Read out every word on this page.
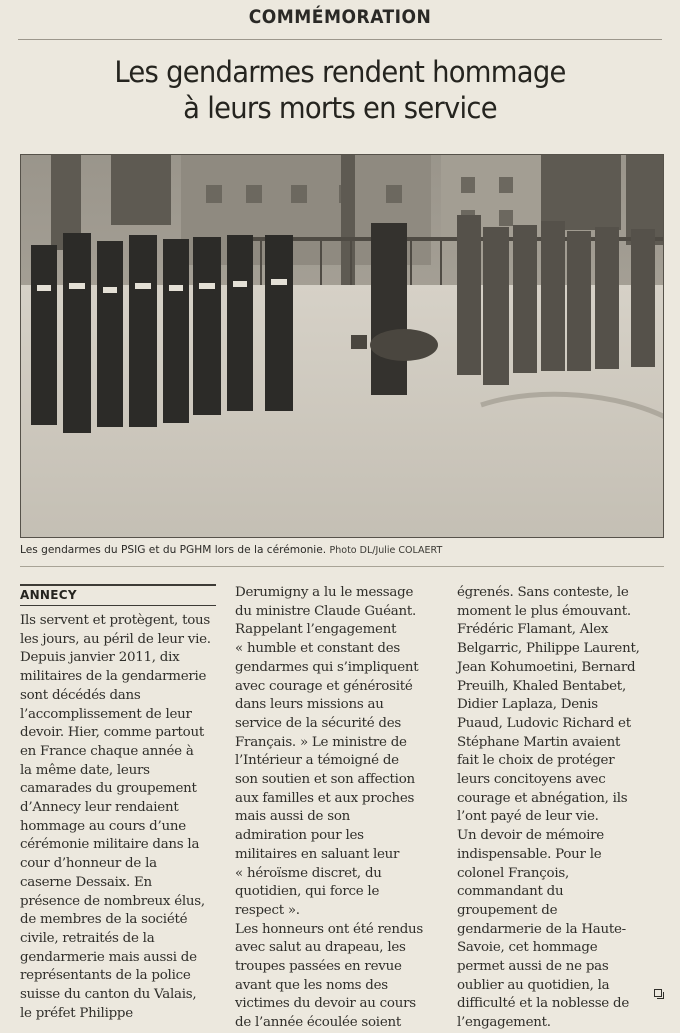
COMMÉMORATION
Les gendarmes rendent hommage
à leurs morts en service
Les gendarmes du PSIG et du PGHM lors de la cérémonie. Photo DL/Julie COLAERT
ANNECY
Ils servent et protègent, tous
les jours, au péril de leur vie.
Depuis janvier 2011, dix
militaires de la gendarmerie
sont décédés dans
l’accomplissement de leur
devoir. Hier, comme partout
en France chaque année à
la même date, leurs
camarades du groupement
d’Annecy leur rendaient
hommage au cours d’une
cérémonie militaire dans la
cour d’honneur de la
caserne Dessaix. En
présence de nombreux élus,
de membres de la société
civile, retraités de la
gendarmerie mais aussi de
représentants de la police
suisse du canton du Valais,
le préfet Philippe
Derumigny a lu le message
du ministre Claude Guéant.
Rappelant l’engagement
« humble et constant des
gendarmes qui s’impliquent
avec courage et générosité
dans leurs missions au
service de la sécurité des
Français. » Le ministre de
l’Intérieur a témoigné de
son soutien et son affection
aux familles et aux proches
mais aussi de son
admiration pour les
militaires en saluant leur
« héroïsme discret, du
quotidien, qui force le
respect ».
Les honneurs ont été rendus
avec salut au drapeau, les
troupes passées en revue
avant que les noms des
victimes du devoir au cours
de l’année écoulée soient
égrenés. Sans conteste, le
moment le plus émouvant.
Frédéric Flamant, Alex
Belgarric, Philippe Laurent,
Jean Kohumoetini, Bernard
Preuilh, Khaled Bentabet,
Didier Laplaza, Denis
Puaud, Ludovic Richard et
Stéphane Martin avaient
fait le choix de protéger
leurs concitoyens avec
courage et abnégation, ils
l’ont payé de leur vie.
Un devoir de mémoire
indispensable. Pour le
colonel François,
commandant du
groupement de
gendarmerie de la Haute-
Savoie, cet hommage
permet aussi de ne pas
oublier au quotidien, la
difficulté et la noblesse de
l’engagement.
